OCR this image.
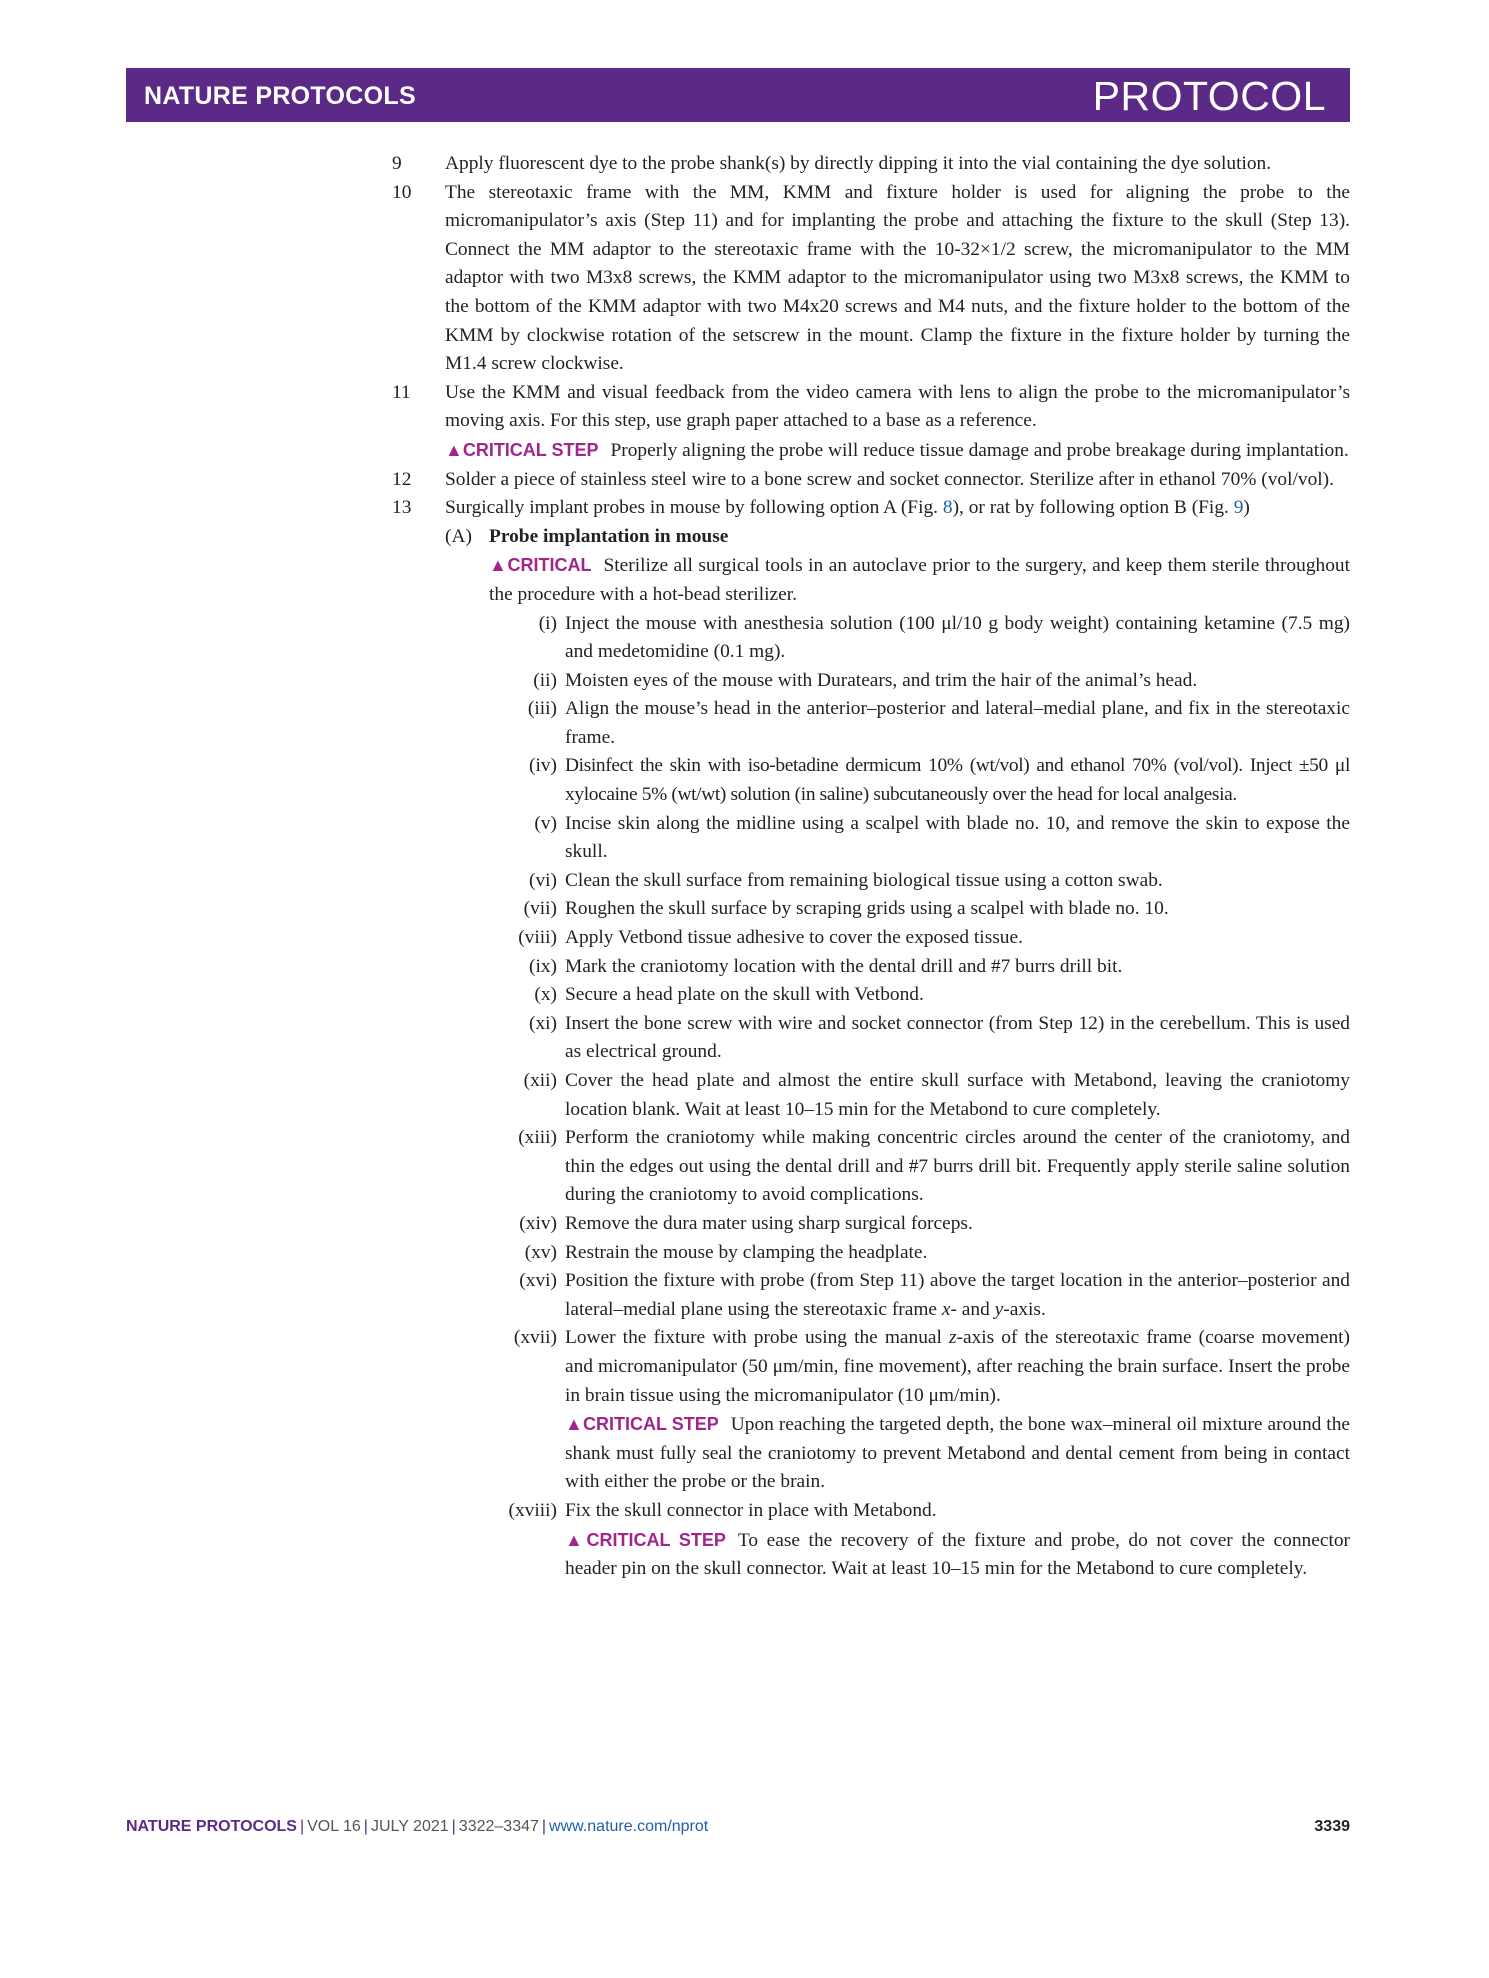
NATURE PROTOCOLS	PROTOCOL
9 Apply fluorescent dye to the probe shank(s) by directly dipping it into the vial containing the dye solution.
10 The stereotaxic frame with the MM, KMM and fixture holder is used for aligning the probe to the micromanipulator’s axis (Step 11) and for implanting the probe and attaching the fixture to the skull (Step 13). Connect the MM adaptor to the stereotaxic frame with the 10-32×1/2 screw, the micromanipulator to the MM adaptor with two M3x8 screws, the KMM adaptor to the micromanipulator using two M3x8 screws, the KMM to the bottom of the KMM adaptor with two M4x20 screws and M4 nuts, and the fixture holder to the bottom of the KMM by clockwise rotation of the setscrew in the mount. Clamp the fixture in the fixture holder by turning the M1.4 screw clockwise.
11 Use the KMM and visual feedback from the video camera with lens to align the probe to the micromanipulator’s moving axis. For this step, use graph paper attached to a base as a reference.
▲CRITICAL STEP Properly aligning the probe will reduce tissue damage and probe breakage during implantation.
12 Solder a piece of stainless steel wire to a bone screw and socket connector. Sterilize after in ethanol 70% (vol/vol).
13 Surgically implant probes in mouse by following option A (Fig. 8), or rat by following option B (Fig. 9)
(A) Probe implantation in mouse
▲CRITICAL Sterilize all surgical tools in an autoclave prior to the surgery, and keep them sterile throughout the procedure with a hot-bead sterilizer.
(i) Inject the mouse with anesthesia solution (100 μl/10 g body weight) containing ketamine (7.5 mg) and medetomidine (0.1 mg).
(ii) Moisten eyes of the mouse with Duratears, and trim the hair of the animal’s head.
(iii) Align the mouse’s head in the anterior–posterior and lateral–medial plane, and fix in the stereotaxic frame.
(iv) Disinfect the skin with iso-betadine dermicum 10% (wt/vol) and ethanol 70% (vol/vol). Inject ±50 μl xylocaine 5% (wt/wt) solution (in saline) subcutaneously over the head for local analgesia.
(v) Incise skin along the midline using a scalpel with blade no. 10, and remove the skin to expose the skull.
(vi) Clean the skull surface from remaining biological tissue using a cotton swab.
(vii) Roughen the skull surface by scraping grids using a scalpel with blade no. 10.
(viii) Apply Vetbond tissue adhesive to cover the exposed tissue.
(ix) Mark the craniotomy location with the dental drill and #7 burrs drill bit.
(x) Secure a head plate on the skull with Vetbond.
(xi) Insert the bone screw with wire and socket connector (from Step 12) in the cerebellum. This is used as electrical ground.
(xii) Cover the head plate and almost the entire skull surface with Metabond, leaving the craniotomy location blank. Wait at least 10–15 min for the Metabond to cure completely.
(xiii) Perform the craniotomy while making concentric circles around the center of the craniotomy, and thin the edges out using the dental drill and #7 burrs drill bit. Frequently apply sterile saline solution during the craniotomy to avoid complications.
(xiv) Remove the dura mater using sharp surgical forceps.
(xv) Restrain the mouse by clamping the headplate.
(xvi) Position the fixture with probe (from Step 11) above the target location in the anterior–posterior and lateral–medial plane using the stereotaxic frame x- and y-axis.
(xvii) Lower the fixture with probe using the manual z-axis of the stereotaxic frame (coarse movement) and micromanipulator (50 μm/min, fine movement), after reaching the brain surface. Insert the probe in brain tissue using the micromanipulator (10 μm/min).
▲CRITICAL STEP Upon reaching the targeted depth, the bone wax–mineral oil mixture around the shank must fully seal the craniotomy to prevent Metabond and dental cement from being in contact with either the probe or the brain.
(xviii) Fix the skull connector in place with Metabond.
▲CRITICAL STEP To ease the recovery of the fixture and probe, do not cover the connector header pin on the skull connector. Wait at least 10–15 min for the Metabond to cure completely.
NATURE PROTOCOLS | VOL 16 | JULY 2021 | 3322–3347 | www.nature.com/nprot	3339
